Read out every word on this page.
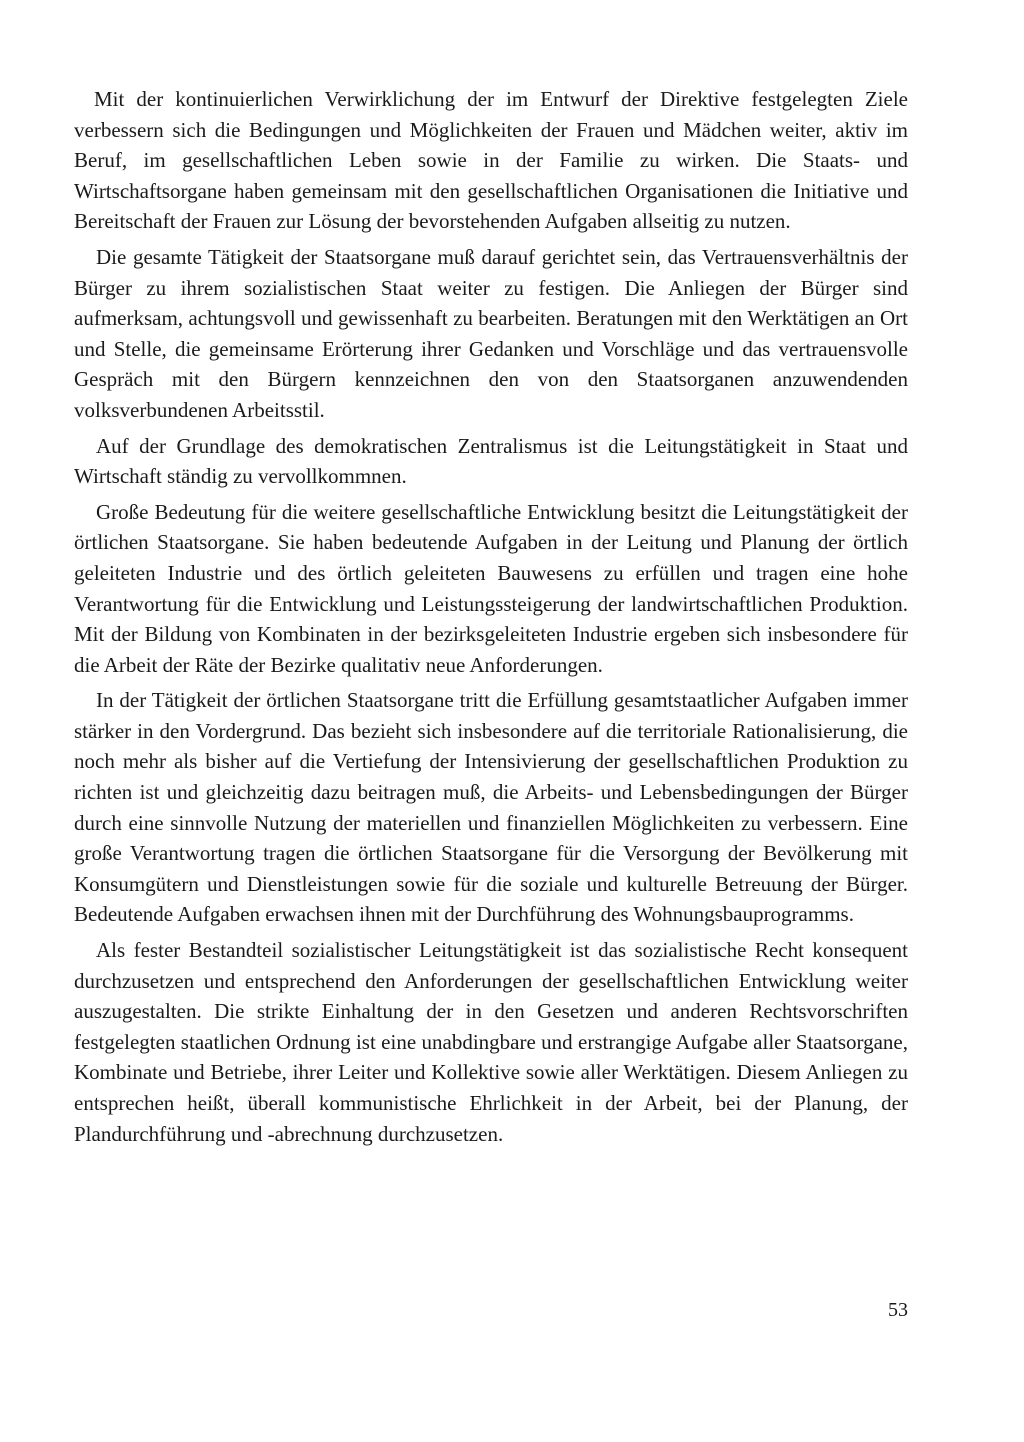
Mit der kontinuierlichen Verwirklichung der im Entwurf der Direktive festgelegten Ziele verbessern sich die Bedingungen und Möglichkeiten der Frauen und Mädchen weiter, aktiv im Beruf, im gesellschaftlichen Leben sowie in der Familie zu wirken. Die Staats- und Wirtschaftsorgane haben gemeinsam mit den gesellschaftlichen Organisationen die Initiative und Bereitschaft der Frauen zur Lösung der bevorstehenden Aufgaben allseitig zu nutzen.

Die gesamte Tätigkeit der Staatsorgane muß darauf gerichtet sein, das Vertrauensverhältnis der Bürger zu ihrem sozialistischen Staat weiter zu festigen. Die Anliegen der Bürger sind aufmerksam, achtungsvoll und gewissenhaft zu bearbeiten. Beratungen mit den Werktätigen an Ort und Stelle, die gemeinsame Erörterung ihrer Gedanken und Vorschläge und das vertrauensvolle Gespräch mit den Bürgern kennzeichnen den von den Staatsorganen anzuwendenden volksverbundenen Arbeitsstil.

Auf der Grundlage des demokratischen Zentralismus ist die Leitungstätigkeit in Staat und Wirtschaft ständig zu vervollkommnen.

Große Bedeutung für die weitere gesellschaftliche Entwicklung besitzt die Leitungstätigkeit der örtlichen Staatsorgane. Sie haben bedeutende Aufgaben in der Leitung und Planung der örtlich geleiteten Industrie und des örtlich geleiteten Bauwesens zu erfüllen und tragen eine hohe Verantwortung für die Entwicklung und Leistungssteigerung der landwirtschaftlichen Produktion. Mit der Bildung von Kombinaten in der bezirksgeleiteten Industrie ergeben sich insbesondere für die Arbeit der Räte der Bezirke qualitativ neue Anforderungen.

In der Tätigkeit der örtlichen Staatsorgane tritt die Erfüllung gesamtstaatlicher Aufgaben immer stärker in den Vordergrund. Das bezieht sich insbesondere auf die territoriale Rationalisierung, die noch mehr als bisher auf die Vertiefung der Intensivierung der gesellschaftlichen Produktion zu richten ist und gleichzeitig dazu beitragen muß, die Arbeits- und Lebensbedingungen der Bürger durch eine sinnvolle Nutzung der materiellen und finanziellen Möglichkeiten zu verbessern. Eine große Verantwortung tragen die örtlichen Staatsorgane für die Versorgung der Bevölkerung mit Konsumgütern und Dienstleistungen sowie für die soziale und kulturelle Betreuung der Bürger. Bedeutende Aufgaben erwachsen ihnen mit der Durchführung des Wohnungsbauprogramms.

Als fester Bestandteil sozialistischer Leitungstätigkeit ist das sozialistische Recht konsequent durchzusetzen und entsprechend den Anforderungen der gesellschaftlichen Entwicklung weiter auszugestalten. Die strikte Einhaltung der in den Gesetzen und anderen Rechtsvorschriften festgelegten staatlichen Ordnung ist eine unabdingbare und erstrangige Aufgabe aller Staatsorgane, Kombinate und Betriebe, ihrer Leiter und Kollektive sowie aller Werktätigen. Diesem Anliegen zu entsprechen heißt, überall kommunistische Ehrlichkeit in der Arbeit, bei der Planung, der Plandurchführung und -abrechnung durchzusetzen.

53
